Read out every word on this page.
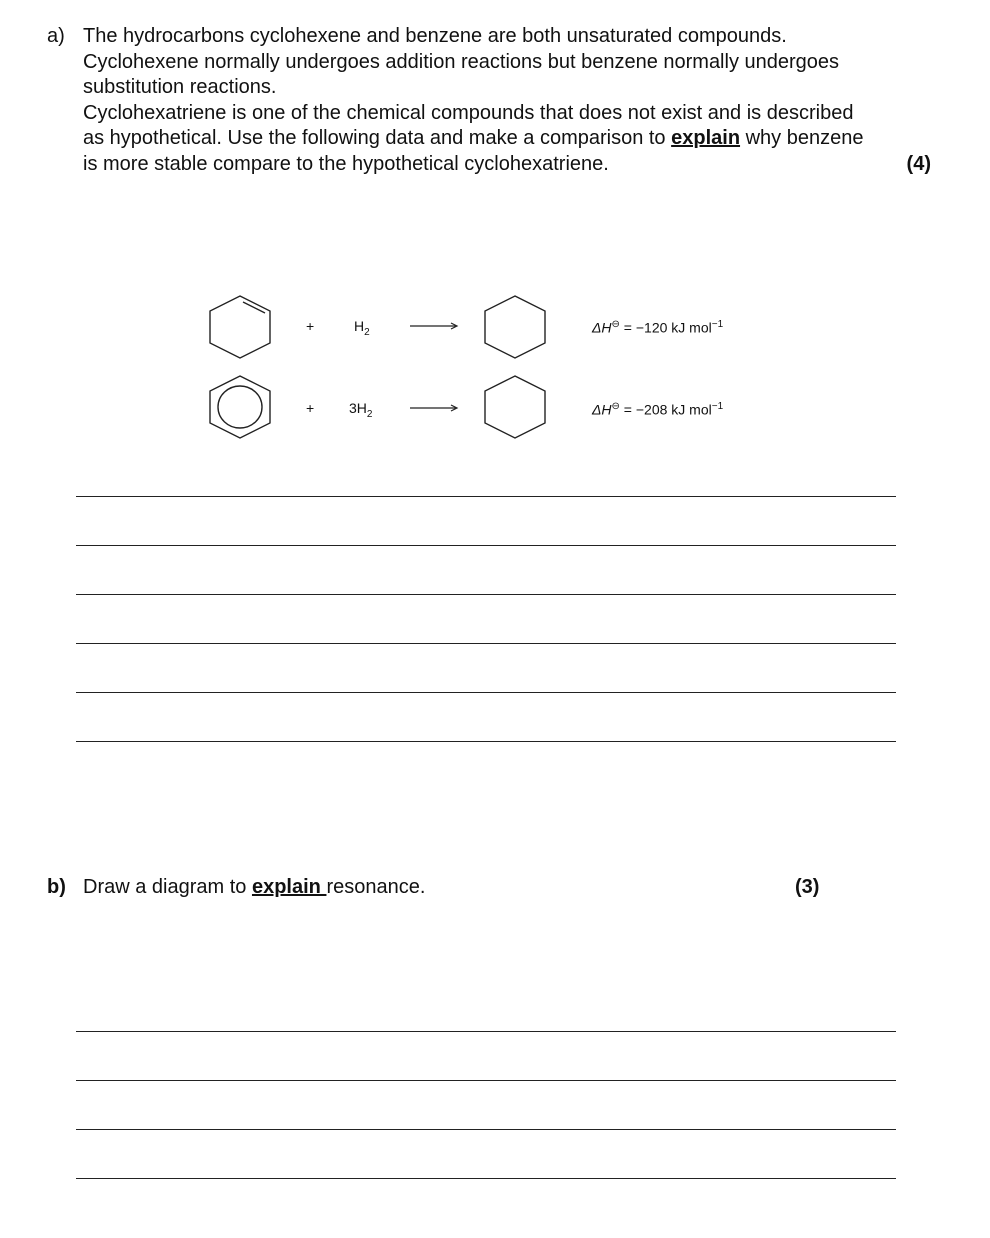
a) The hydrocarbons cyclohexene and benzene are both unsaturated compounds.
Cyclohexene normally undergoes addition reactions but benzene normally undergoes
substitution reactions.
Cyclohexatriene is one of the chemical compounds that does not exist and is described
as hypothetical. Use the following data and make a comparison to explain why benzene
is more stable compare to the hypothetical cyclohexatriene.	(4)
+	$H_2$	ΔH⊖ = −120 kJ mol$^{-1}$
+ $3H_2$	ΔH⊖ = −208 kJ mol$^{-1}$
b) Draw a diagram to explain resonance.	(3)
